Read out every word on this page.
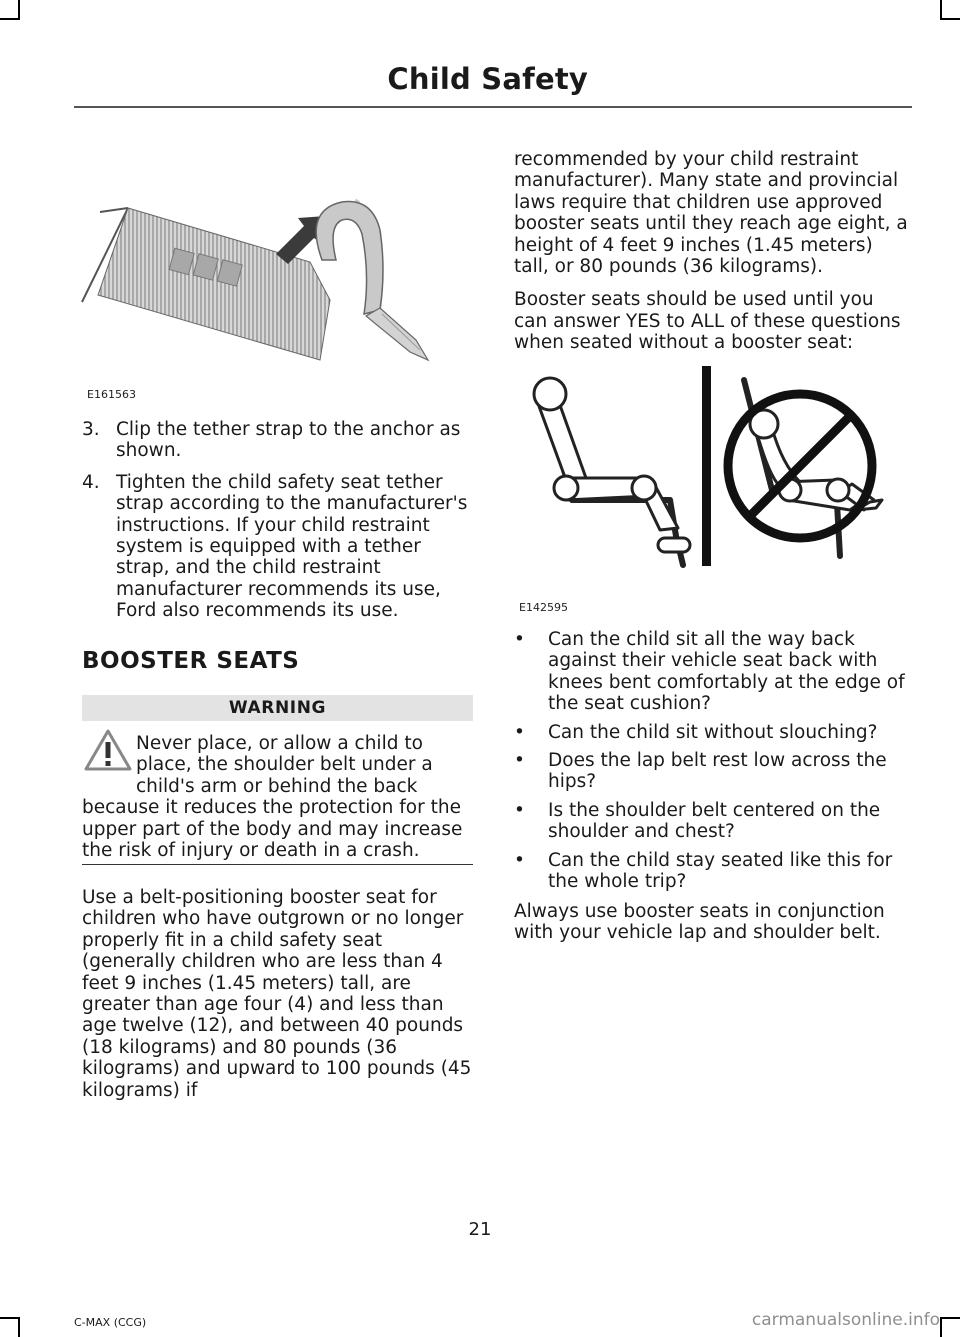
Child Safety
E161563
3. Clip the tether strap to the anchor as shown.
4. Tighten the child safety seat tether strap according to the manufacturer's instructions. If your child restraint system is equipped with a tether strap, and the child restraint manufacturer recommends its use, Ford also recommends its use.
BOOSTER SEATS
WARNING
Never place, or allow a child to place, the shoulder belt under a child's arm or behind the back because it reduces the protection for the upper part of the body and may increase the risk of injury or death in a crash.

Use a belt-positioning booster seat for children who have outgrown or no longer properly fit in a child safety seat (generally children who are less than 4 feet 9 inches (1.45 meters) tall, are greater than age four (4) and less than age twelve (12), and between 40 pounds (18 kilograms) and 80 pounds (36 kilograms) and upward to 100 pounds (45 kilograms) if

recommended by your child restraint manufacturer). Many state and provincial laws require that children use approved booster seats until they reach age eight, a height of 4 feet 9 inches (1.45 meters) tall, or 80 pounds (36 kilograms).

Booster seats should be used until you can answer YES to ALL of these questions when seated without a booster seat:

E142595
• Can the child sit all the way back against their vehicle seat back with knees bent comfortably at the edge of the seat cushion?
• Can the child sit without slouching?
• Does the lap belt rest low across the hips?
• Is the shoulder belt centered on the shoulder and chest?
• Can the child stay seated like this for the whole trip?

Always use booster seats in conjunction with your vehicle lap and shoulder belt.

21
C-MAX (CCG)	carmanualsonline.info
